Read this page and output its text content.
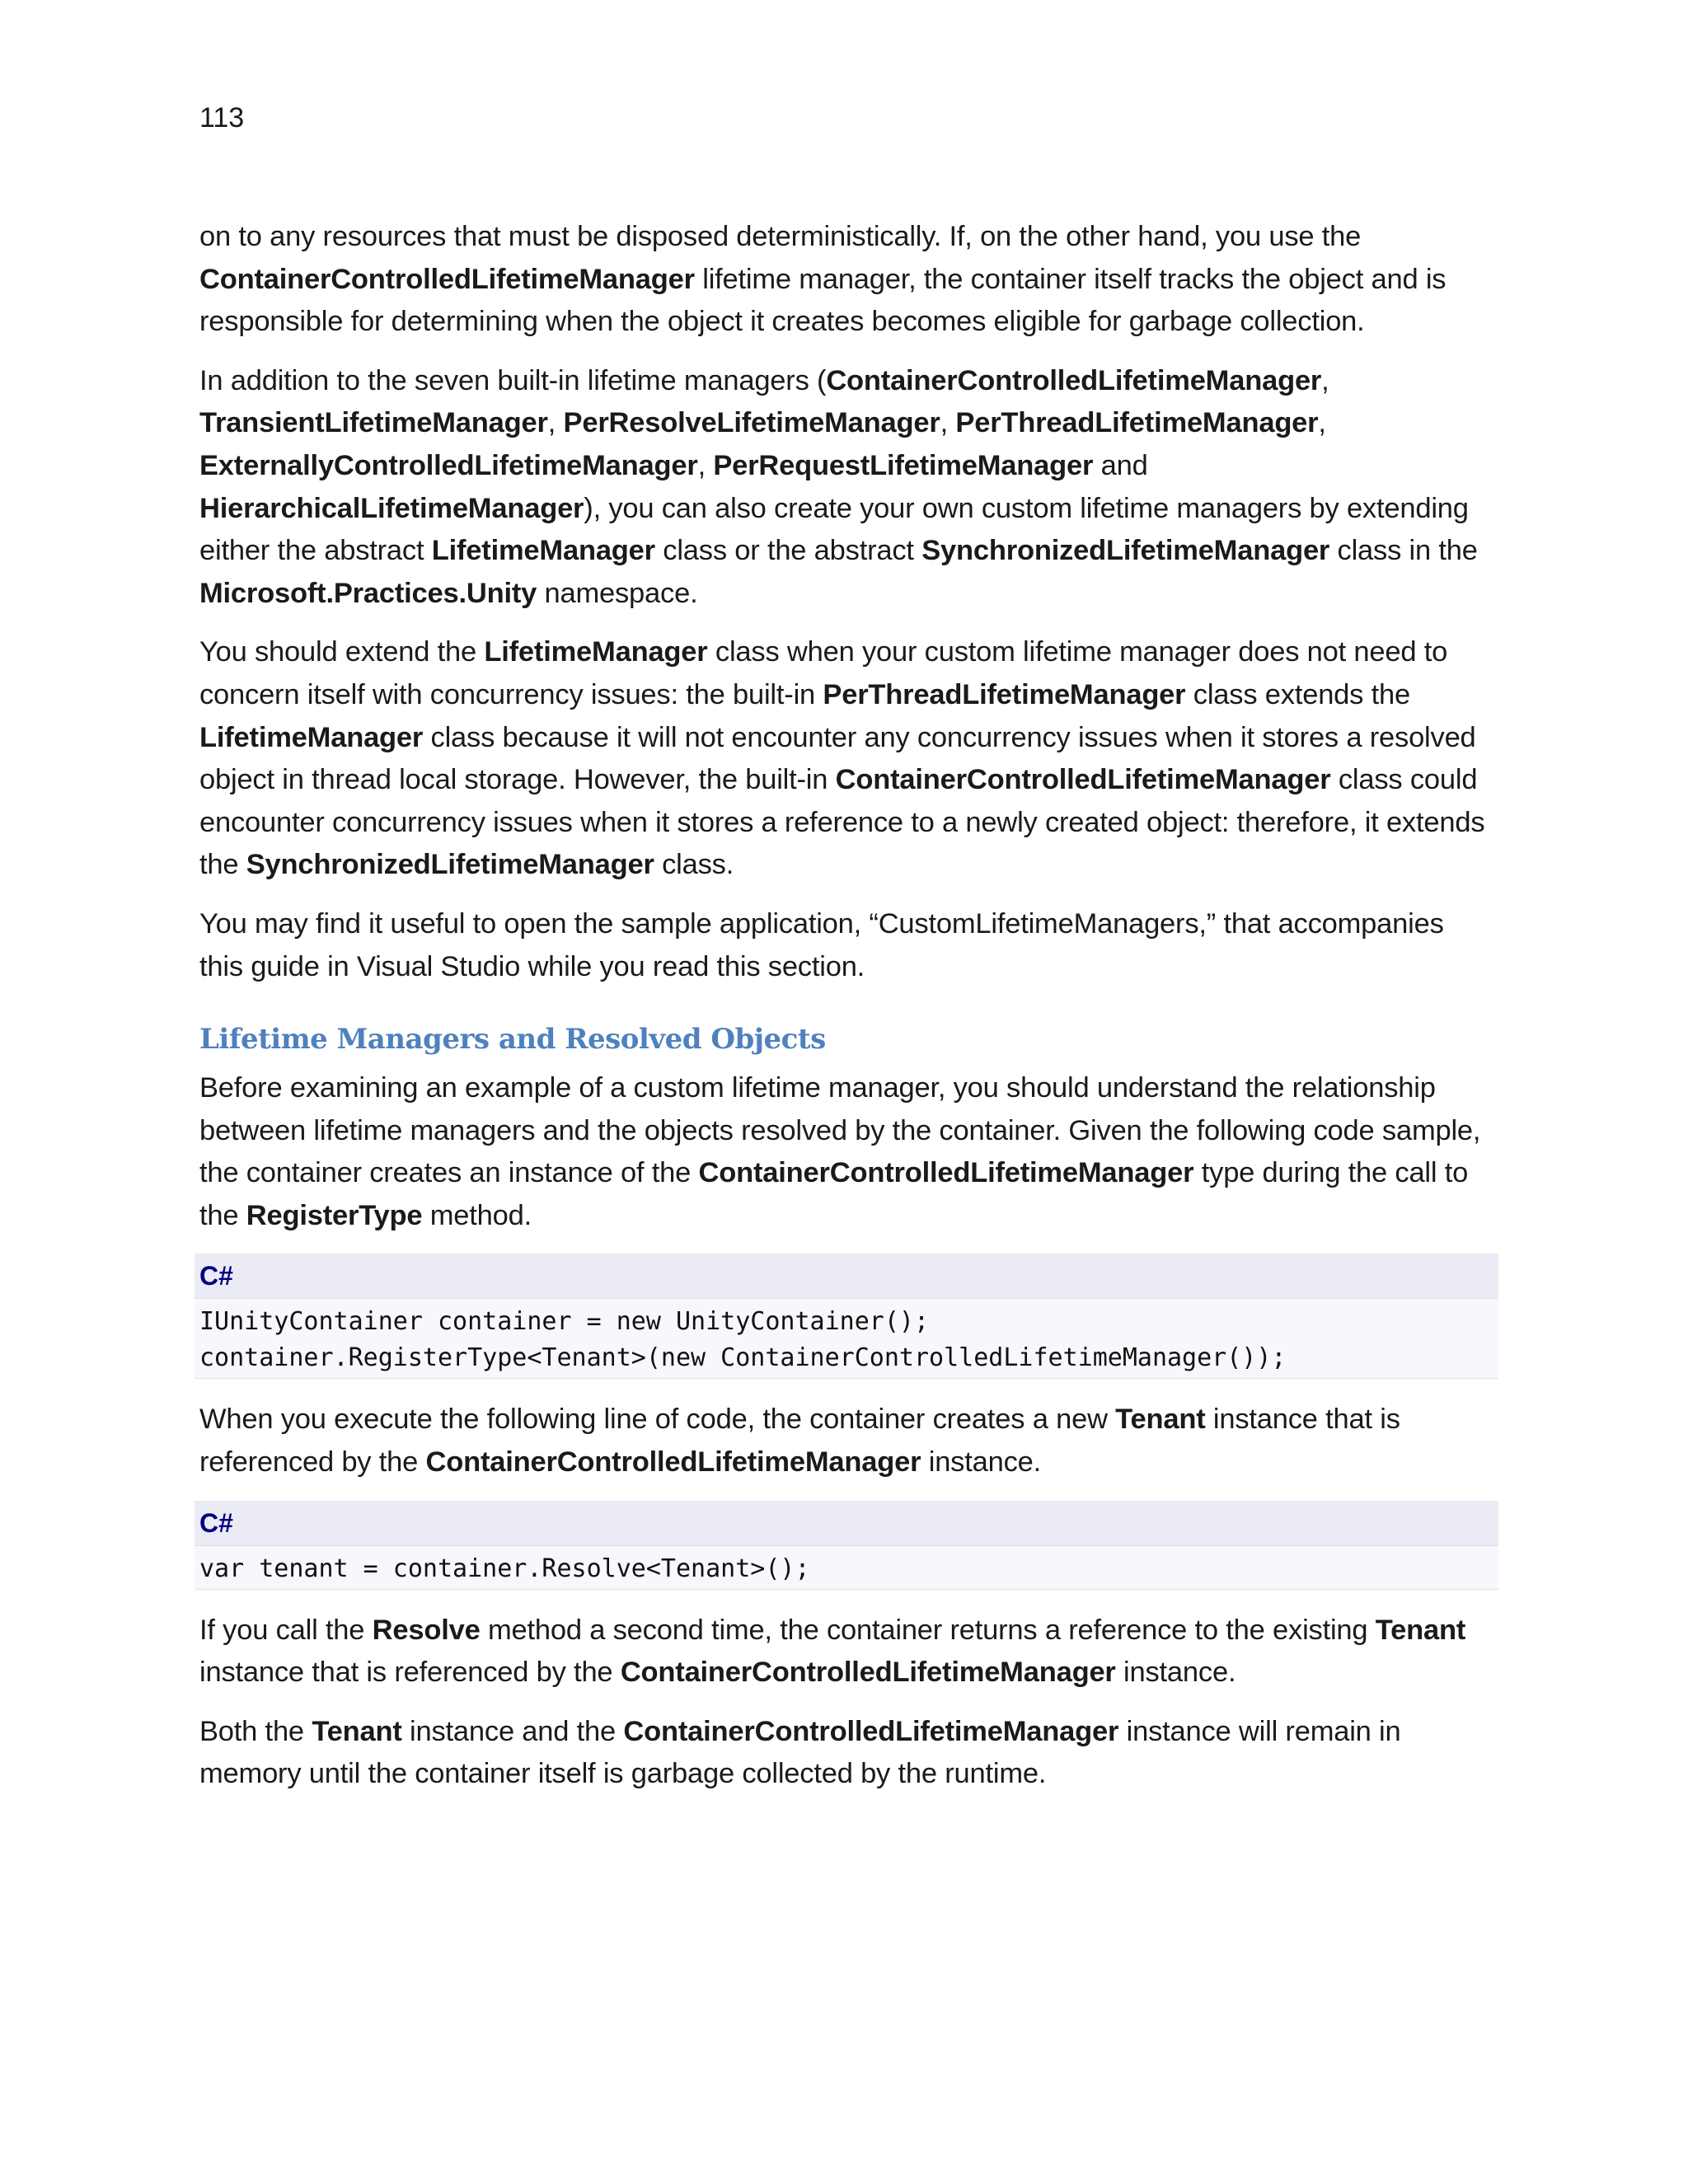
113

on to any resources that must be disposed deterministically. If, on the other hand, you use the ContainerControlledLifetimeManager lifetime manager, the container itself tracks the object and is responsible for determining when the object it creates becomes eligible for garbage collection.

In addition to the seven built-in lifetime managers (ContainerControlledLifetimeManager, TransientLifetimeManager, PerResolveLifetimeManager, PerThreadLifetimeManager, ExternallyControlledLifetimeManager, PerRequestLifetimeManager and HierarchicalLifetimeManager), you can also create your own custom lifetime managers by extending either the abstract LifetimeManager class or the abstract SynchronizedLifetimeManager class in the Microsoft.Practices.Unity namespace.

You should extend the LifetimeManager class when your custom lifetime manager does not need to concern itself with concurrency issues: the built-in PerThreadLifetimeManager class extends the LifetimeManager class because it will not encounter any concurrency issues when it stores a resolved object in thread local storage. However, the built-in ContainerControlledLifetimeManager class could encounter concurrency issues when it stores a reference to a newly created object: therefore, it extends the SynchronizedLifetimeManager class.

You may find it useful to open the sample application, “CustomLifetimeManagers,” that accompanies this guide in Visual Studio while you read this section.

Lifetime Managers and Resolved Objects

Before examining an example of a custom lifetime manager, you should understand the relationship between lifetime managers and the objects resolved by the container. Given the following code sample, the container creates an instance of the ContainerControlledLifetimeManager type during the call to the RegisterType method.

C#
IUnityContainer container = new UnityContainer();
container.RegisterType<Tenant>(new ContainerControlledLifetimeManager());

When you execute the following line of code, the container creates a new Tenant instance that is referenced by the ContainerControlledLifetimeManager instance.

C#
var tenant = container.Resolve<Tenant>();

If you call the Resolve method a second time, the container returns a reference to the existing Tenant instance that is referenced by the ContainerControlledLifetimeManager instance.

Both the Tenant instance and the ContainerControlledLifetimeManager instance will remain in memory until the container itself is garbage collected by the runtime.
